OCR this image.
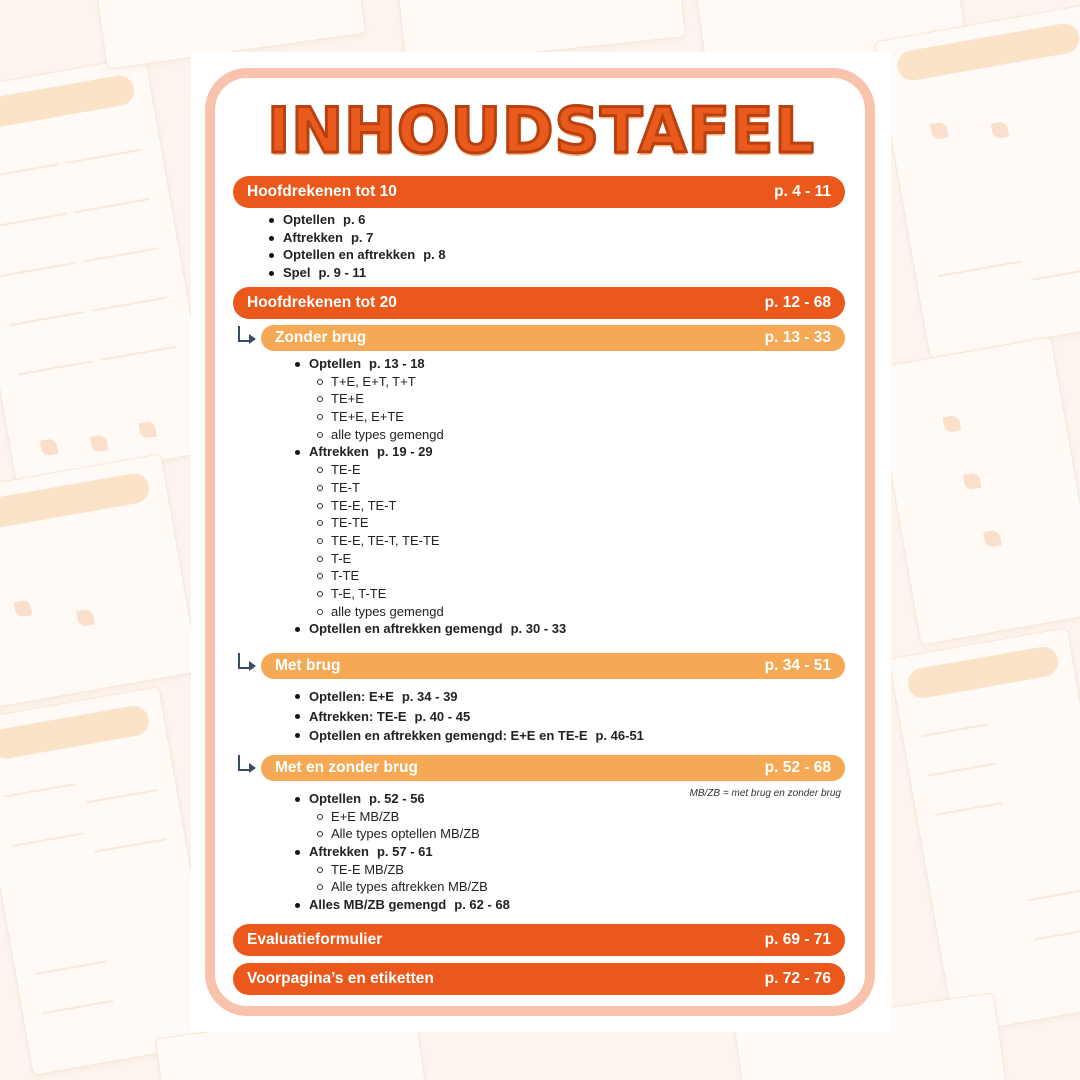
INHOUDSTAFEL
Hoofdrekenen tot 10	p. 4 - 11
Optellen p. 6
Aftrekken p. 7
Optellen en aftrekken p. 8
Spel p. 9 - 11
Hoofdrekenen tot 20	p. 12 - 68
Zonder brug	p. 13 - 33
Optellen p. 13 - 18
T+E, E+T, T+T
TE+E
TE+E, E+TE
alle types gemengd
Aftrekken p. 19 - 29
TE-E
TE-T
TE-E, TE-T
TE-TE
TE-E, TE-T, TE-TE
T-E
T-TE
T-E, T-TE
alle types gemengd
Optellen en aftrekken gemengd p. 30 - 33
Met brug	p. 34 - 51
Optellen: E+E p. 34 - 39
Aftrekken: TE-E p. 40 - 45
Optellen en aftrekken gemengd: E+E en TE-E p. 46-51
Met en zonder brug	p. 52 - 68
MB/ZB = met brug en zonder brug
Optellen p. 52 - 56
E+E MB/ZB
Alle types optellen MB/ZB
Aftrekken p. 57 - 61
TE-E MB/ZB
Alle types aftrekken MB/ZB
Alles MB/ZB gemengd p. 62 - 68
Evaluatieformulier	p. 69 - 71
Voorpagina’s en etiketten	p. 72 - 76
